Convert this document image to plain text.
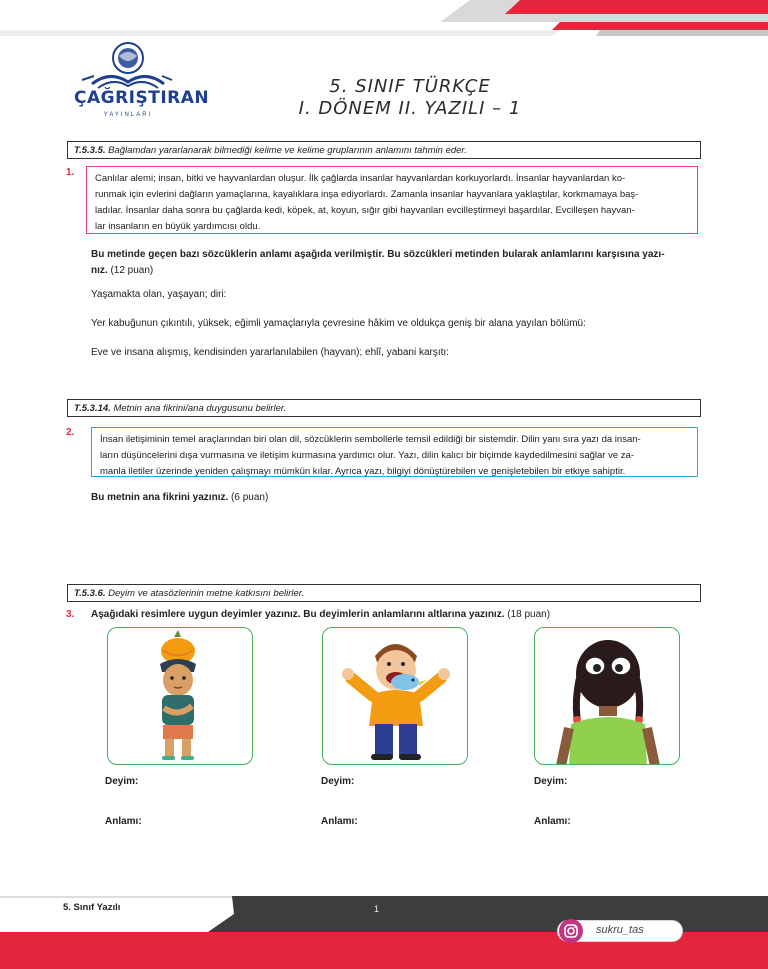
ÇAĞRIŞTIRAN
YAYINLARI
5. SINIF TÜRKÇE
I. DÖNEM II. YAZILI – 1
T.5.3.5. Bağlamdan yararlanarak bilmediği kelime ve kelime gruplarının anlamını tahmin eder.
1.
Canlılar alemi; insan, bitki ve hayvanlardan oluşur. İlk çağlarda insanlar hayvanlardan korkuyorlardı. İnsanlar hayvanlardan ko-
runmak için evlerini dağların yamaçlarına, kayalıklara inşa ediyorlardı. Zamanla insanlar hayvanlara yaklaştılar, korkmamaya baş-
ladılar. İnsanlar daha sonra bu çağlarda kedi, köpek, at, koyun, sığır gibi hayvanları evcilleştirmeyi başardılar. Evcilleşen hayvan-
lar insanların en büyük yardımcısı oldu.
Bu metinde geçen bazı sözcüklerin anlamı aşağıda verilmiştir. Bu sözcükleri metinden bularak anlamlarını karşısına yazı-
nız. (12 puan)
Yaşamakta olan, yaşayan; diri:
Yer kabuğunun çıkıntılı, yüksek, eğimli yamaçlarıyla çevresine hâkim ve oldukça geniş bir alana yayılan bölümü:
Eve ve insana alışmış, kendisinden yararlanılabilen (hayvan); ehlî, yabani karşıtı:
T.5.3.14. Metnin ana fikrini/ana duygusunu belirler.
2.
İnsan iletişiminin temel araçlarından biri olan dil, sözcüklerin sembollerle temsil edildiği bir sistemdir. Dilin yanı sıra yazı da insan-
ların düşüncelerini dışa vurmasına ve iletişim kurmasına yardımcı olur. Yazı, dilin kalıcı bir biçimde kaydedilmesini sağlar ve za-
manla iletiler üzerinde yeniden çalışmayı mümkün kılar. Ayrıca yazı, bilgiyi dönüştürebilen ve genişletebilen bir etkiye sahiptir.
Bu metnin ana fikrini yazınız. (6 puan)
T.5.3.6. Deyim ve atasözlerinin metne katkısını belirler.
3. Aşağıdaki resimlere uygun deyimler yazınız. Bu deyimlerin anlamlarını altlarına yazınız. (18 puan)
Deyim:
Anlamı:
Deyim:
Anlamı:
Deyim:
Anlamı:
5. Sınıf Yazılı	1
sukru_tas
